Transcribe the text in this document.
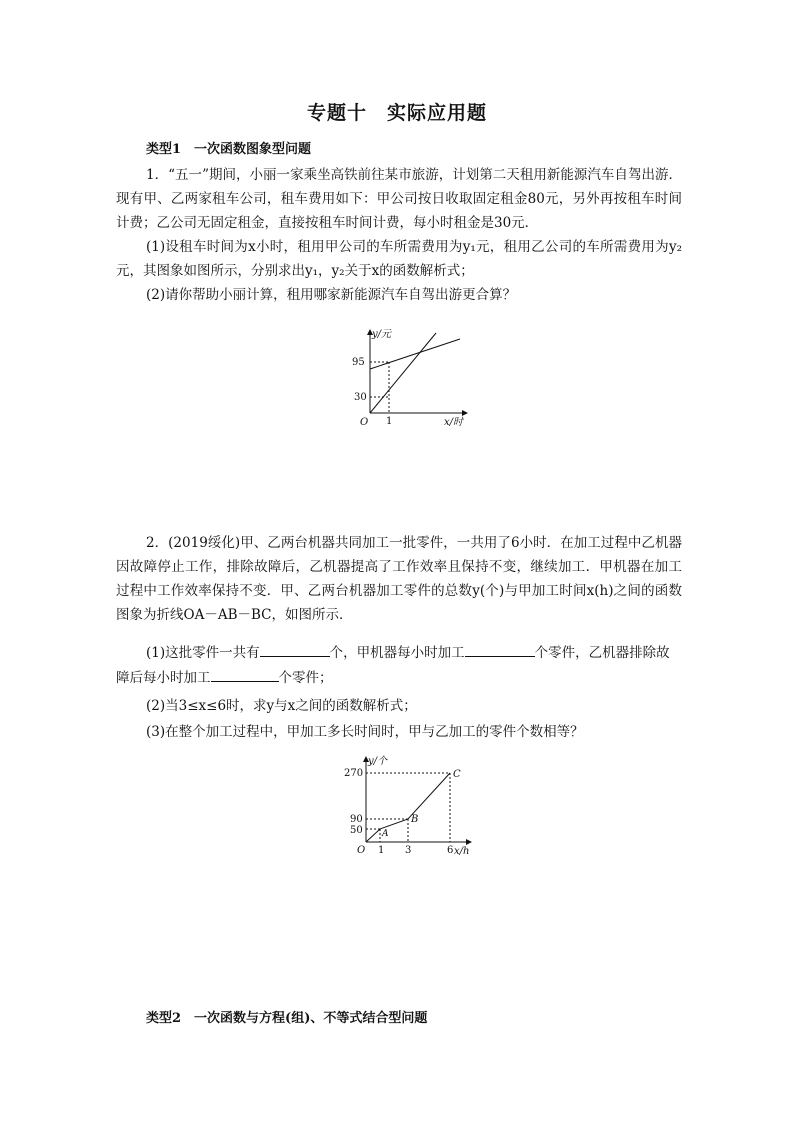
专题十　实际应用题
类型1　一次函数图象型问题

1．“五一”期间，小丽一家乘坐高铁前往某市旅游，计划第二天租用新能源汽车自驾出游．现有甲、乙两家租车公司，租车费用如下：甲公司按日收取固定租金80元，另外再按租车时间计费；乙公司无固定租金，直接按租车时间计费，每小时租金是30元．

(1)设租车时间为x小时，租用甲公司的车所需费用为y₁元，租用乙公司的车所需费用为y₂元，其图象如图所示，分别求出y₁，y₂关于x的函数解析式；

(2)请你帮助小丽计算，租用哪家新能源汽车自驾出游更合算？

y/元
x/时
O
95
30
1

2．(2019绥化)甲、乙两台机器共同加工一批零件，一共用了6小时．在加工过程中乙机器因故障停止工作，排除故障后，乙机器提高了工作效率且保持不变，继续加工．甲机器在加工过程中工作效率保持不变．甲、乙两台机器加工零件的总数y(个)与甲加工时间x(h)之间的函数图象为折线OA－AB－BC，如图所示．

(1)这批零件一共有	个，甲机器每小时加工	个零件，乙机器排除故

障后每小时加工	个零件；
(2)当3≤x≤6时，求y与x之间的函数解析式；
(3)在整个加工过程中，甲加工多长时间时，甲与乙加工的零件个数相等？
y/个
x/h
O
270
90
50
1 3	6
A
B
C
类型2　一次函数与方程(组)、不等式结合型问题
